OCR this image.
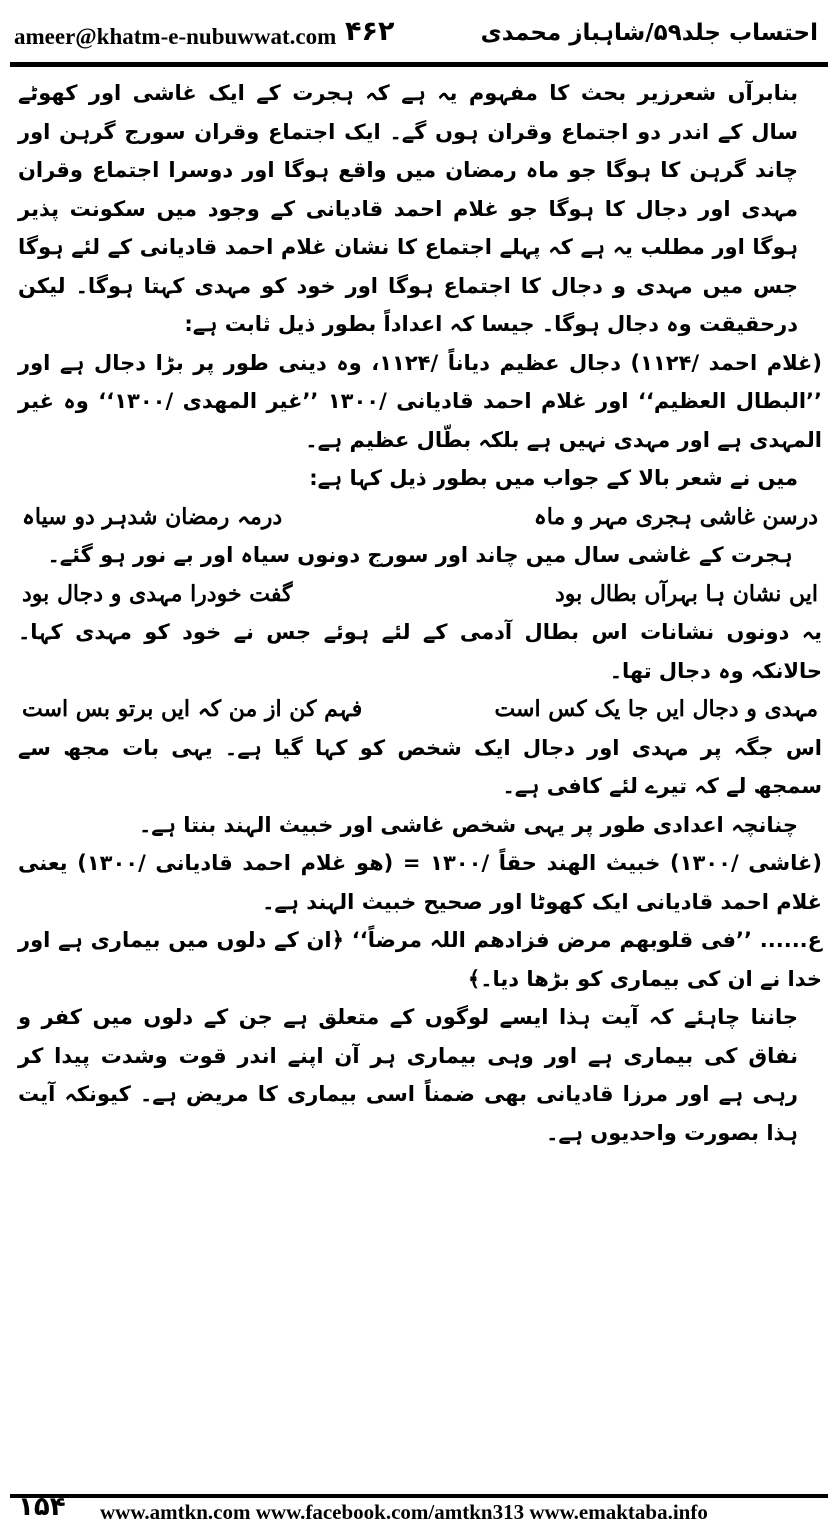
ameer@khatm-e-nubuwwat.com ۴۶۲	احتساب جلد۵۹/شاہباز محمدی

بنابرآں شعرزیر بحث کا مفہوم یہ ہے کہ ہجرت کے ایک غاشی اور کھوٹے سال کے اندر دو اجتماع وقران ہوں گے۔ ایک اجتماع وقران سورج گرہن اور چاند گرہن کا ہوگا جو ماہ رمضان میں واقع ہوگا اور دوسرا اجتماع وقران مہدی اور دجال کا ہوگا جو غلام احمد قادیانی کے وجود میں سکونت پذیر ہوگا اور مطلب یہ ہے کہ پہلے اجتماع کا نشان غلام احمد قادیانی کے لئے ہوگا جس میں مہدی و دجال کا اجتماع ہوگا اور خود کو مہدی کہتا ہوگا۔ لیکن درحقیقت وہ دجال ہوگا۔ جیسا کہ اعداداً بطور ذیل ثابت ہے:

(غلام احمد /۱۱۲۴) دجال عظیم دیاناً /۱۱۲۴، وہ دینی طور پر بڑا دجال ہے اور ’’البطال العظیم‘‘ اور غلام احمد قادیانی /۱۳۰۰ ’’غیر المھدی /۱۳۰۰‘‘ وہ غیر المہدی ہے اور مہدی نہیں ہے بلکہ بطّال عظیم ہے۔

میں نے شعر بالا کے جواب میں بطور ذیل کہا ہے:

درسن غاشی ہجری مہر و ماہ
درمہ رمضان شدہر دو سیاہ

ہجرت کے غاشی سال میں چاند اور سورج دونوں سیاہ اور بے نور ہو گئے۔

ایں نشان ہا بہرآں بطال بود
گفت خودرا مہدی و دجال بود

یہ دونوں نشانات اس بطال آدمی کے لئے ہوئے جس نے خود کو مہدی کہا۔ حالانکہ وہ دجال تھا۔

مہدی و دجال ایں جا یک کس است
فہم کن از من کہ ایں برتو بس است

اس جگہ پر مہدی اور دجال ایک شخص کو کہا گیا ہے۔ یہی بات مجھ سے سمجھ لے کہ تیرے لئے کافی ہے۔

چنانچہ اعدادی طور پر یہی شخص غاشی اور خبیث الہند بنتا ہے۔

(غاشی /۱۳۰۰) خبیث الھند حقاً /۱۳۰۰ = (ھو غلام احمد قادیانی /۱۳۰۰) یعنی غلام احمد قادیانی ایک کھوٹا اور صحیح خبیث الہند ہے۔

ع...... ’’فی قلوبھم مرض فزادھم اللہ مرضاً‘‘ ﴿ان کے دلوں میں بیماری ہے اور خدا نے ان کی بیماری کو بڑھا دیا۔﴾

جاننا چاہئے کہ آیت ہذا ایسے لوگوں کے متعلق ہے جن کے دلوں میں کفر و نفاق کی بیماری ہے اور وہی بیماری ہر آن اپنے اندر قوت وشدت پیدا کر رہی ہے اور مرزا قادیانی بھی ضمناً اسی بیماری کا مریض ہے۔ کیونکہ آیت ہذا بصورت واحدیوں ہے۔

۱۵۴ www.amtkn.com www.facebook.com/amtkn313 www.emaktaba.info
